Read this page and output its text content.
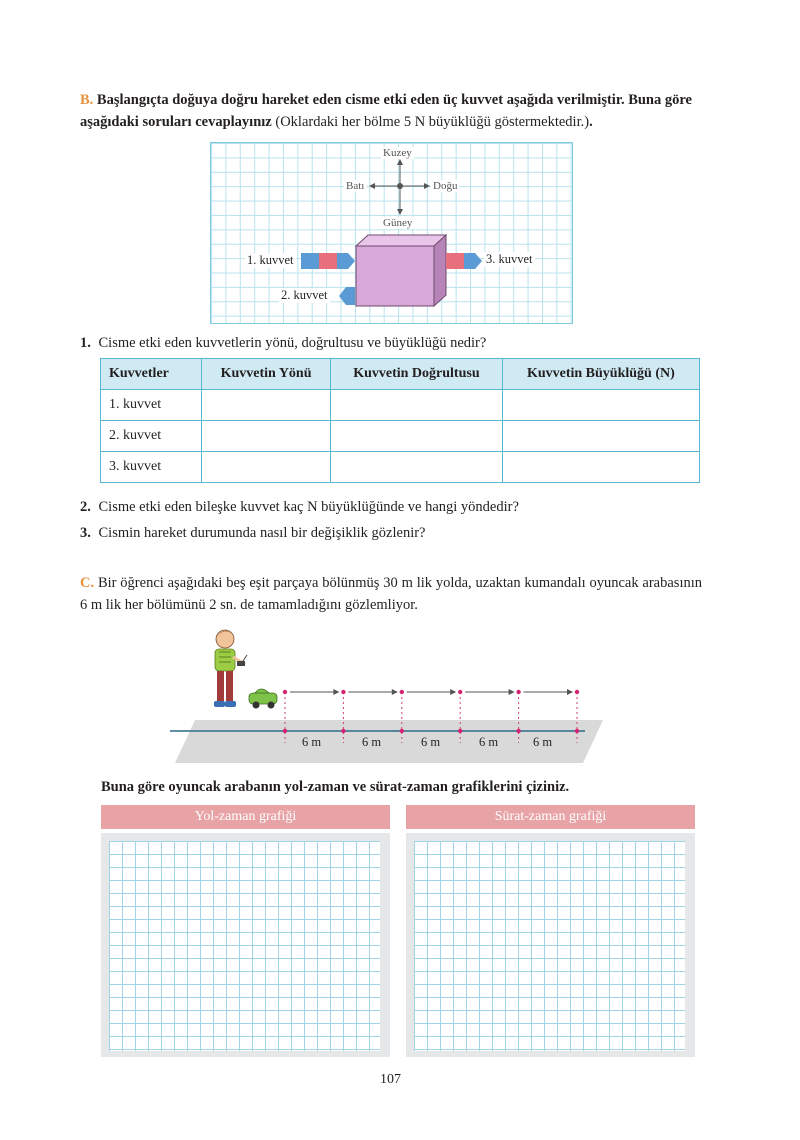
B. Başlangıçta doğuya doğru hareket eden cisme etki eden üç kuvvet aşağıda verilmiştir. Buna göre aşağıdaki soruları cevaplayınız (Oklardaki her bölme 5 N büyüklüğü göstermektedir.).
Kuzey
Güney
Doğu
Batı
1. kuvvet	3. kuvvet
2. kuvvet
1. Cisme etki eden kuvvetlerin yönü, doğrultusu ve büyüklüğü nedir?
Kuvvetler	Kuvvetin Yönü	Kuvvetin Doğrultusu	Kuvvetin Büyüklüğü (N)
1. kuvvet			
2. kuvvet			
3. kuvvet			
2. Cisme etki eden bileşke kuvvet kaç N büyüklüğünde ve hangi yöndedir?
3. Cismin hareket durumunda nasıl bir değişiklik gözlenir?
C. Bir öğrenci aşağıdaki beş eşit parçaya bölünmüş 30 m lik yolda, uzaktan kumandalı oyuncak arabasının 6 m lik her bölümünü 2 sn. de tamamladığını gözlemliyor.
6 m	6 m	6 m	6 m	6 m
Buna göre oyuncak arabanın yol-zaman ve sürat-zaman grafiklerini çiziniz.
Yol-zaman grafiği	Sürat-zaman grafiği
107
